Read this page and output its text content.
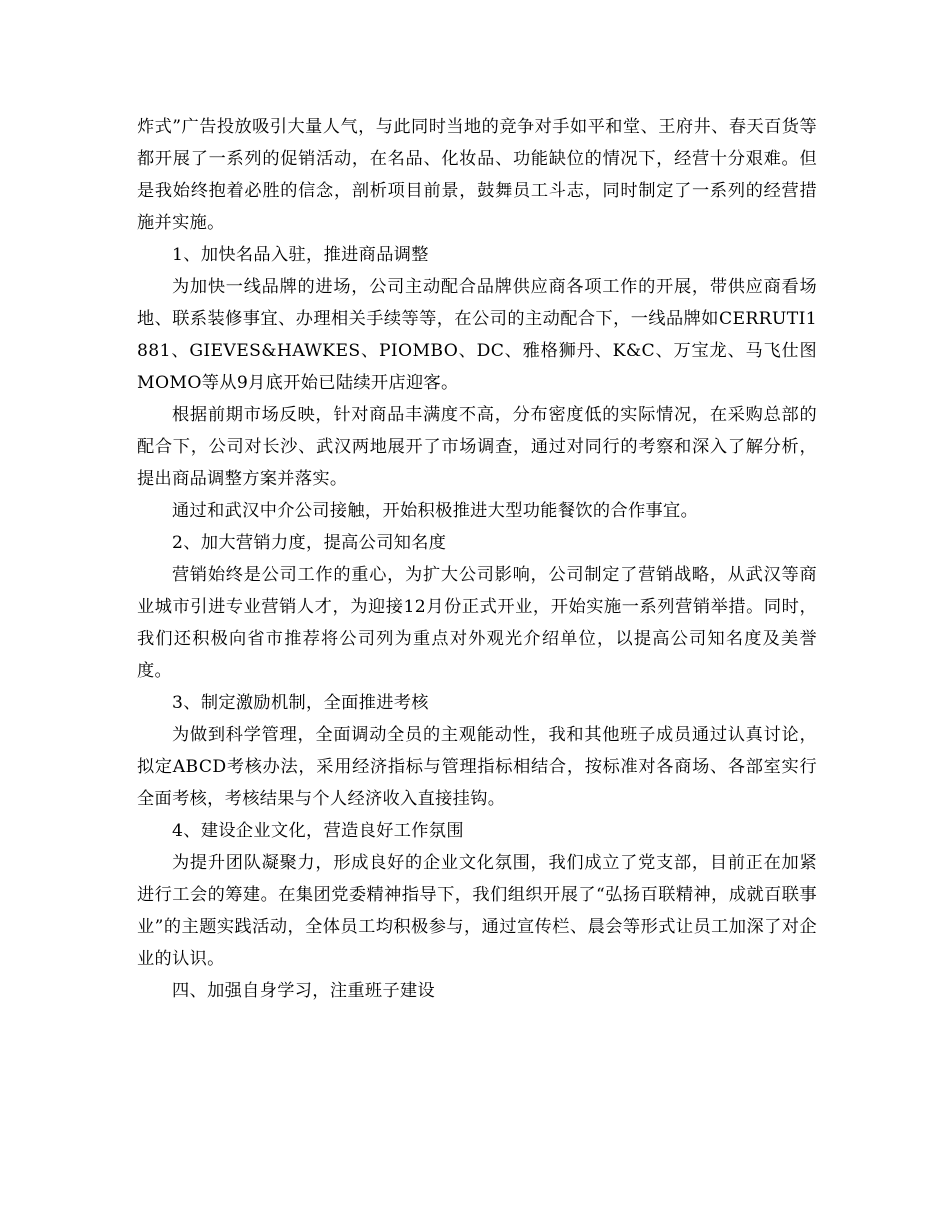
炸式”广告投放吸引大量人气，与此同时当地的竞争对手如平和堂、王府井、春天百货等都开展了一系列的促销活动，在名品、化妆品、功能缺位的情况下，经营十分艰难。但是我始终抱着必胜的信念，剖析项目前景，鼓舞员工斗志，同时制定了一系列的经营措施并实施。

1、加快名品入驻，推进商品调整

为加快一线品牌的进场，公司主动配合品牌供应商各项工作的开展，带供应商看场地、联系装修事宜、办理相关手续等等，在公司的主动配合下，一线品牌如CERRUTI1881、GIEVES&HAWKES、PIOMBO、DC、雅格狮丹、K&C、万宝龙、马飞仕图MOMO等从9月底开始已陆续开店迎客。

根据前期市场反映，针对商品丰满度不高，分布密度低的实际情况，在采购总部的配合下，公司对长沙、武汉两地展开了市场调查，通过对同行的考察和深入了解分析，提出商品调整方案并落实。

通过和武汉中介公司接触，开始积极推进大型功能餐饮的合作事宜。

2、加大营销力度，提高公司知名度

营销始终是公司工作的重心，为扩大公司影响，公司制定了营销战略，从武汉等商业城市引进专业营销人才，为迎接12月份正式开业，开始实施一系列营销举措。同时，我们还积极向省市推荐将公司列为重点对外观光介绍单位，以提高公司知名度及美誉度。

3、制定激励机制，全面推进考核

为做到科学管理，全面调动全员的主观能动性，我和其他班子成员通过认真讨论，拟定ABCD考核办法，采用经济指标与管理指标相结合，按标准对各商场、各部室实行全面考核，考核结果与个人经济收入直接挂钩。

4、建设企业文化，营造良好工作氛围

为提升团队凝聚力，形成良好的企业文化氛围，我们成立了党支部，目前正在加紧进行工会的筹建。在集团党委精神指导下，我们组织开展了“弘扬百联精神，成就百联事业”的主题实践活动，全体员工均积极参与，通过宣传栏、晨会等形式让员工加深了对企业的认识。

四、加强自身学习，注重班子建设
